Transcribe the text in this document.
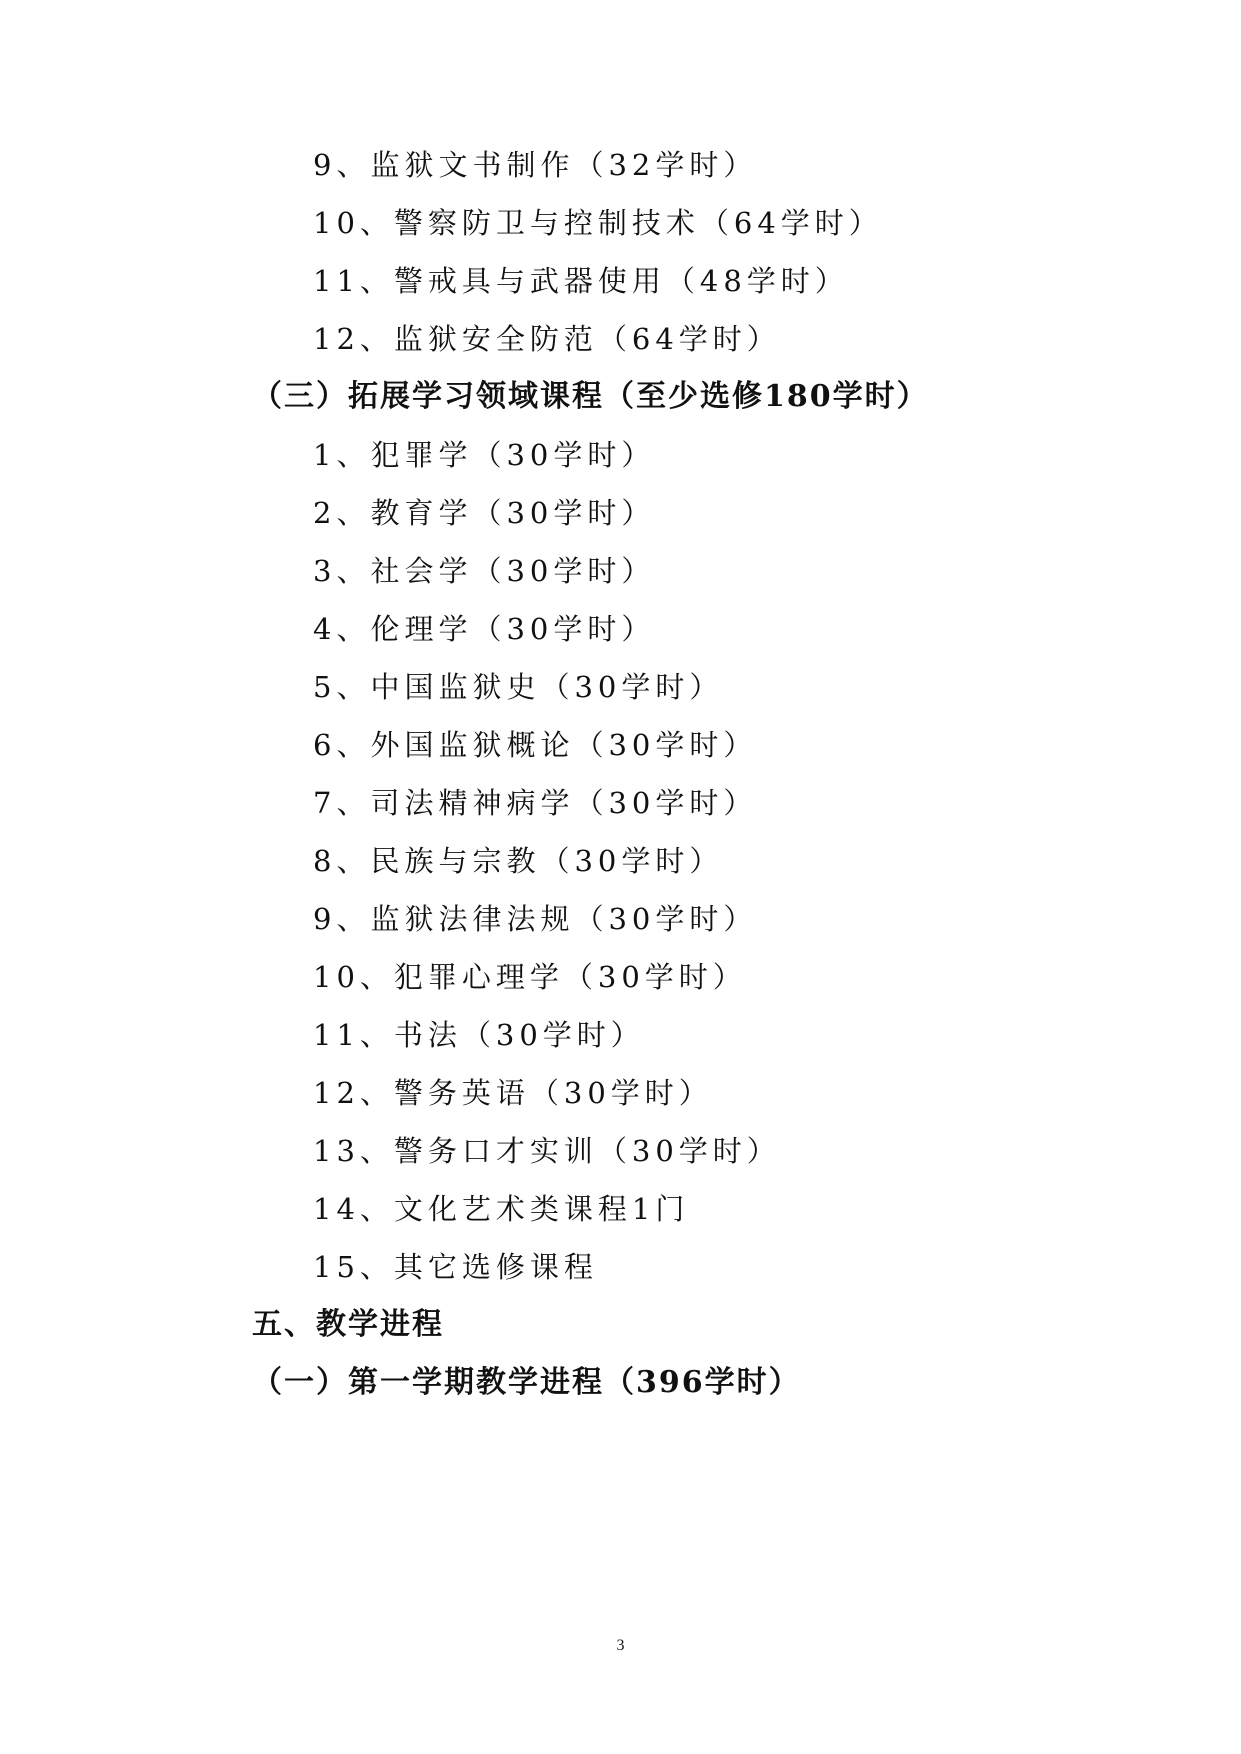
9、监狱文书制作（32学时）
10、警察防卫与控制技术（64学时）
11、警戒具与武器使用（48学时）
12、监狱安全防范（64学时）
（三）拓展学习领域课程（至少选修180学时）
1、犯罪学（30学时）
2、教育学（30学时）
3、社会学（30学时）
4、伦理学（30学时）
5、中国监狱史（30学时）
6、外国监狱概论（30学时）
7、司法精神病学（30学时）
8、民族与宗教（30学时）
9、监狱法律法规（30学时）
10、犯罪心理学（30学时）
11、书法（30学时）
12、警务英语（30学时）
13、警务口才实训（30学时）
14、文化艺术类课程1门
15、其它选修课程
五、教学进程
（一）第一学期教学进程（396学时）
3
